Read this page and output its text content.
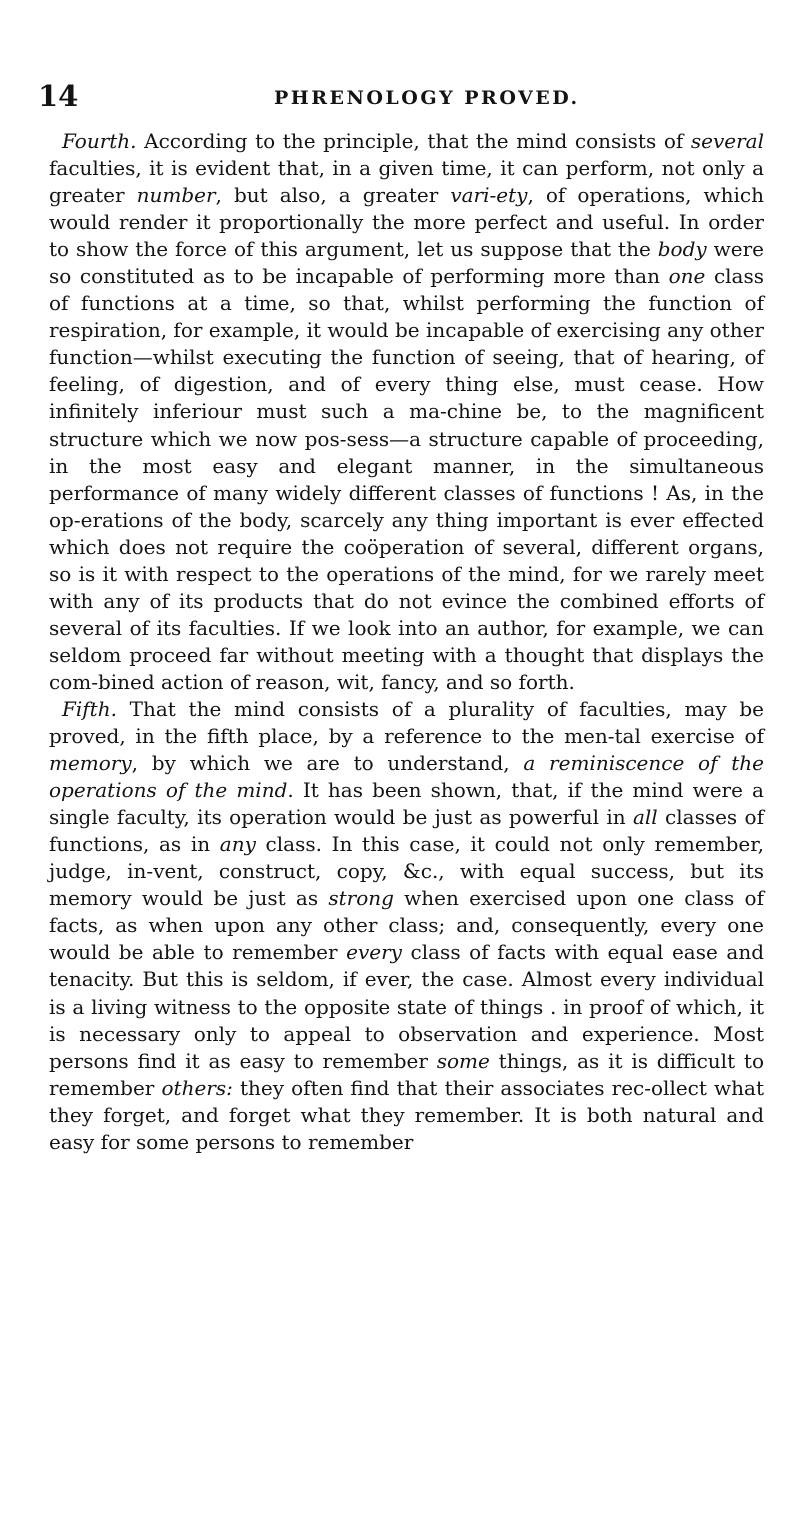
14	PHRENOLOGY PROVED.

Fourth. According to the principle, that the mind consists of several faculties, it is evident that, in a given time, it can perform, not only a greater number, but also, a greater vari-ety, of operations, which would render it proportionally the more perfect and useful. In order to show the force of this argument, let us suppose that the body were so constituted as to be incapable of performing more than one class of functions at a time, so that, whilst performing the function of respiration, for example, it would be incapable of exercising any other function—whilst executing the function of seeing, that of hearing, of feeling, of digestion, and of every thing else, must cease. How infinitely inferiour must such a ma-chine be, to the magnificent structure which we now pos-sess—a structure capable of proceeding, in the most easy and elegant manner, in the simultaneous performance of many widely different classes of functions ! As, in the op-erations of the body, scarcely any thing important is ever effected which does not require the coöperation of several, different organs, so is it with respect to the operations of the mind, for we rarely meet with any of its products that do not evince the combined efforts of several of its faculties. If we look into an author, for example, we can seldom proceed far without meeting with a thought that displays the com-bined action of reason, wit, fancy, and so forth.

Fifth. That the mind consists of a plurality of faculties, may be proved, in the fifth place, by a reference to the men-tal exercise of memory, by which we are to understand, a reminiscence of the operations of the mind. It has been shown, that, if the mind were a single faculty, its operation would be just as powerful in all classes of functions, as in any class. In this case, it could not only remember, judge, in-vent, construct, copy, &c., with equal success, but its memory would be just as strong when exercised upon one class of facts, as when upon any other class; and, consequently, every one would be able to remember every class of facts with equal ease and tenacity. But this is seldom, if ever, the case. Almost every individual is a living witness to the opposite state of things . in proof of which, it is necessary only to appeal to observation and experience. Most persons find it as easy to remember some things, as it is difficult to remember others: they often find that their associates rec-ollect what they forget, and forget what they remember. It is both natural and easy for some persons to remember
